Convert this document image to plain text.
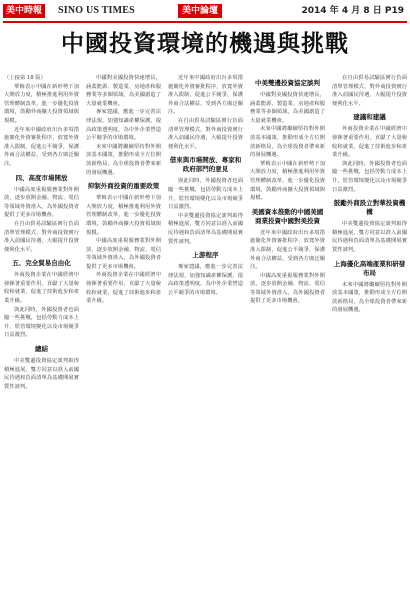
美中時報	SINO US TIMES	美中論壇	2014 年 4 月 8 日 P19
中國投資環境的機遇與挑戰

（上接第 18 版）

華梅表示中國在新形勢下加大開放力度，積極推進利用外資管理體制改革，進一步優化投資環境，鼓勵外商擴大投資領域與規模。

近年來中國政府出台多項措施簡化外資審批程序，放寬外資准入限制，促進公平競爭，保護外商合法權益，受到各方廣泛關注。

四、高度市場開放

中國高度重視服務業對外開放，逐步放開金融、物流、電信等領域外資准入，為外國投資者提供了更多市場機會。

在自由貿易試驗區實行負面清單管理模式，對外商投資實行准入前國民待遇，大幅提升投資便利化水平。

五、完全貿易自由化

外商投資企業在中國經濟中發揮著重要作用，貢獻了大量稅收和就業，促進了技術進步和產業升級。

與此同時，外國投資者也面臨一些挑戰，包括勞動力成本上升、監管環境變化以及市場競爭日益激烈。

總結

中美雙邊投資協定談判取得積極進展，雙方同意以准入前國民待遇和負面清單為基礎開展實質性談判。

中國對美國投資快速增長，涵蓋能源、製造業、房地產和服務業等多個領域，為美國創造了大量就業機會。

專家建議，應進一步完善法律法規，加強知識產權保護，提高政策透明度，為中外企業營造公平競爭的市場環境。

未來中國將繼續堅持對外開放基本國策，推動形成全方位開放新格局，為全球投資者帶來新的發展機遇。

抑制外商投資的重要政策

華梅表示中國在新形勢下加大開放力度，積極推進利用外資管理體制改革，進一步優化投資環境，鼓勵外商擴大投資領域與規模。

中國高度重視服務業對外開放，逐步放開金融、物流、電信等領域外資准入，為外國投資者提供了更多市場機會。

外商投資企業在中國經濟中發揮著重要作用，貢獻了大量稅收和就業，促進了技術進步和產業升級。

近年來中國政府出台多項措施簡化外資審批程序，放寬外資准入限制，促進公平競爭，保護外商合法權益，受到各方廣泛關注。

在自由貿易試驗區實行負面清單管理模式，對外商投資實行准入前國民待遇，大幅提升投資便利化水平。

借來與市場開放、專家和政府部門的意見

與此同時，外國投資者也面臨一些挑戰，包括勞動力成本上升、監管環境變化以及市場競爭日益激烈。

中美雙邊投資協定談判取得積極進展，雙方同意以准入前國民待遇和負面清單為基礎開展實質性談判。

上游程序

專家建議，應進一步完善法律法規，加強知識產權保護，提高政策透明度，為中外企業營造公平競爭的市場環境。

中美雙邊投資協定談判

中國對美國投資快速增長，涵蓋能源、製造業、房地產和服務業等多個領域，為美國創造了大量就業機會。

未來中國將繼續堅持對外開放基本國策，推動形成全方位開放新格局，為全球投資者帶來新的發展機遇。

華梅表示中國在新形勢下加大開放力度，積極推進利用外資管理體制改革，進一步優化投資環境，鼓勵外商擴大投資領域與規模。

美國資本推動的中國美國商業投資中國對美投資

近年來中國政府出台多項措施簡化外資審批程序，放寬外資准入限制，促進公平競爭，保護外商合法權益，受到各方廣泛關注。

中國高度重視服務業對外開放，逐步放開金融、物流、電信等領域外資准入，為外國投資者提供了更多市場機會。

在自由貿易試驗區實行負面清單管理模式，對外商投資實行准入前國民待遇，大幅提升投資便利化水平。

建議和建議

外商投資企業在中國經濟中發揮著重要作用，貢獻了大量稅收和就業，促進了技術進步和產業升級。

與此同時，外國投資者也面臨一些挑戰，包括勞動力成本上升、監管環境變化以及市場競爭日益激烈。

鼓勵外商設立對華投資機構

中美雙邊投資協定談判取得積極進展，雙方同意以准入前國民待遇和負面清單為基礎開展實質性談判。

上海優化高端產業和研發布局

未來中國將繼續堅持對外開放基本國策，推動形成全方位開放新格局，為全球投資者帶來新的發展機遇。
